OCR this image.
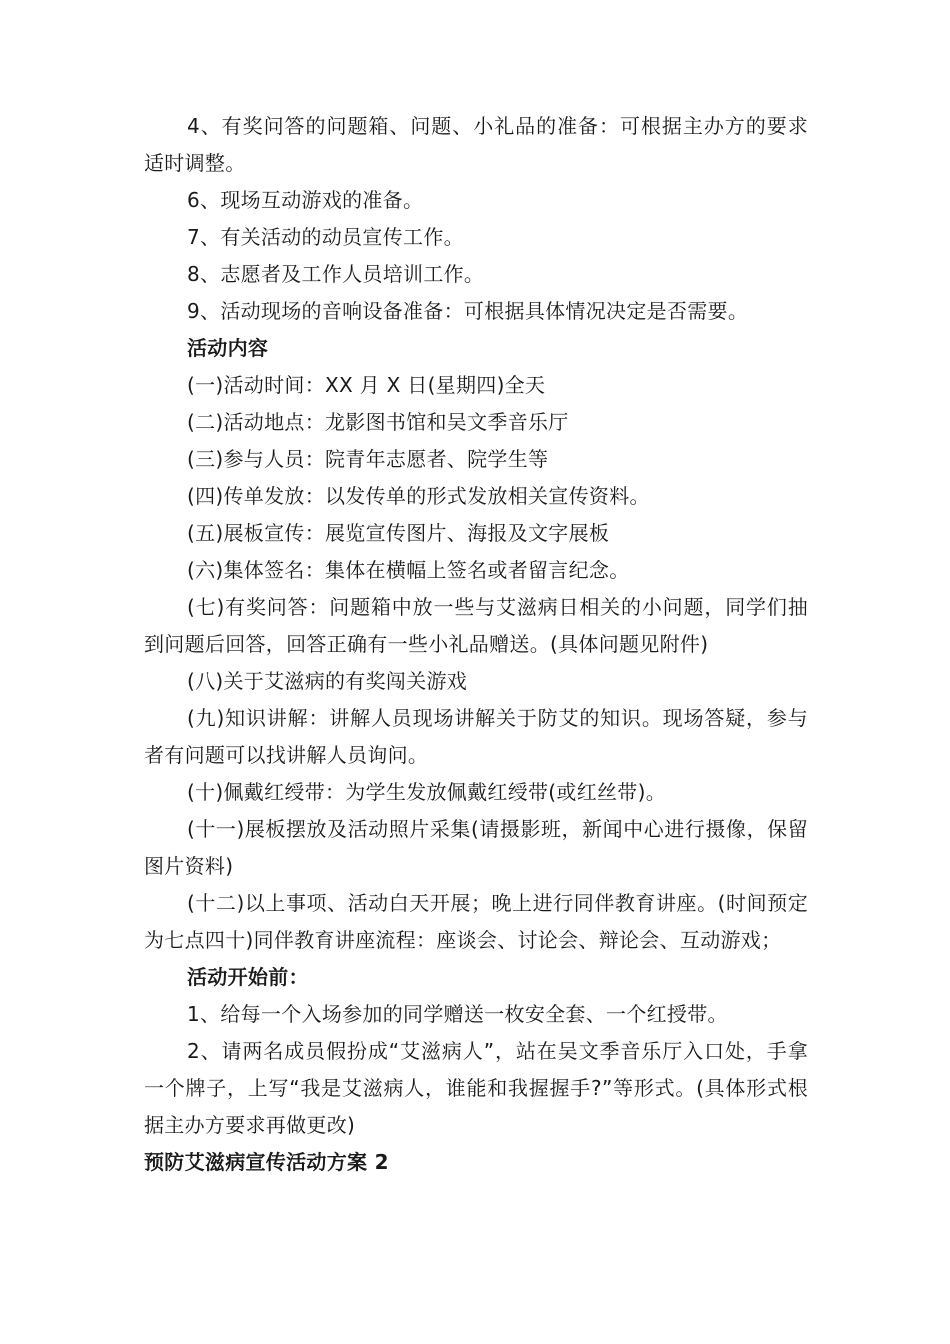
4、有奖问答的问题箱、问题、小礼品的准备：可根据主办方的要求适时调整。

6、现场互动游戏的准备。

7、有关活动的动员宣传工作。

8、志愿者及工作人员培训工作。

9、活动现场的音响设备准备：可根据具体情况决定是否需要。

活动内容

(一)活动时间：XX 月 X 日(星期四)全天

(二)活动地点：龙影图书馆和吴文季音乐厅

(三)参与人员：院青年志愿者、院学生等

(四)传单发放：以发传单的形式发放相关宣传资料。

(五)展板宣传：展览宣传图片、海报及文字展板

(六)集体签名：集体在横幅上签名或者留言纪念。

(七)有奖问答：问题箱中放一些与艾滋病日相关的小问题，同学们抽到问题后回答，回答正确有一些小礼品赠送。(具体问题见附件)

(八)关于艾滋病的有奖闯关游戏

(九)知识讲解：讲解人员现场讲解关于防艾的知识。现场答疑，参与者有问题可以找讲解人员询问。

(十)佩戴红绶带：为学生发放佩戴红绶带(或红丝带)。

(十一)展板摆放及活动照片采集(请摄影班，新闻中心进行摄像，保留图片资料)

(十二)以上事项、活动白天开展；晚上进行同伴教育讲座。(时间预定为七点四十)同伴教育讲座流程：座谈会、讨论会、辩论会、互动游戏；

活动开始前：

1、给每一个入场参加的同学赠送一枚安全套、一个红授带。

2、请两名成员假扮成“艾滋病人”，站在吴文季音乐厅入口处，手拿一个牌子，上写“我是艾滋病人，谁能和我握握手?”等形式。(具体形式根据主办方要求再做更改)

预防艾滋病宣传活动方案 2
